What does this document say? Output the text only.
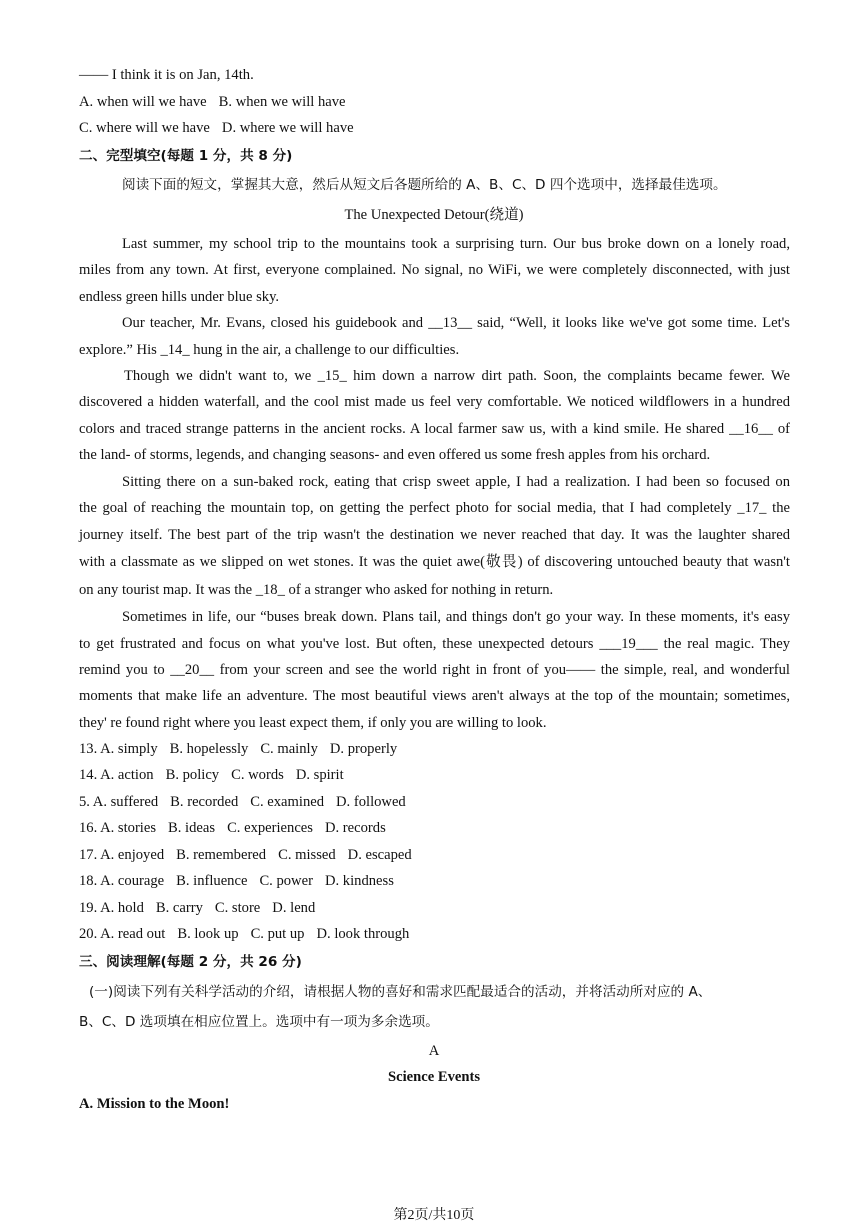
—— I think it is on Jan, 14th.
A. when will we have B. when we will have
C. where will we have D. where we will have
二、完型填空(每题 1 分，共 8 分)
阅读下面的短文，掌握其大意，然后从短文后各题所给的 A、B、C、D 四个选项中，选择最佳选项。
The Unexpected Detour(绕道)
Last summer, my school trip to the mountains took a surprising turn. Our bus broke down on a lonely road,
miles from any town. At first, everyone complained. No signal, no WiFi, we were completely disconnected, with just
endless green hills under blue sky.
Our teacher, Mr. Evans, closed his guidebook and __13__ said, “Well, it looks like we've got some time. Let's
explore.” His _14_ hung in the air, a challenge to our difficulties.
Though we didn't want to, we _15_ him down a narrow dirt path. Soon, the complaints became fewer. We
discovered a hidden waterfall, and the cool mist made us feel very comfortable. We noticed wildflowers in a hundred
colors and traced strange patterns in the ancient rocks. A local farmer saw us, with a kind smile. He shared __16__ of
the land- of storms, legends, and changing seasons- and even offered us some fresh apples from his orchard.
Sitting there on a sun-baked rock, eating that crisp sweet apple, I had a realization. I had been so focused on
the goal of reaching the mountain top, on getting the perfect photo for social media, that I had completely _17_ the
journey itself. The best part of the trip wasn't the destination we never reached that day. It was the laughter shared
with a classmate as we slipped on wet stones. It was the quiet awe(敬畏) of discovering untouched beauty that wasn't
on any tourist map. It was the _18_ of a stranger who asked for nothing in return.
Sometimes in life, our “buses break down. Plans tail, and things don't go your way. In these moments, it's easy
to get frustrated and focus on what you've lost. But often, these unexpected detours ___19___ the real magic. They
remind you to __20__ from your screen and see the world right in front of you—— the simple, real, and wonderful
moments that make life an adventure. The most beautiful views aren't always at the top of the mountain; sometimes,
they' re found right where you least expect them, if only you are willing to look.
13. A. simply B. hopelessly C. mainly D. properly
14. A. action B. policy C. words D. spirit
5. A. suffered B. recorded C. examined D. followed
16. A. stories B. ideas C. experiences D. records
17. A. enjoyed B. remembered C. missed D. escaped
18. A. courage B. influence C. power D. kindness
19. A. hold B. carry C. store D. lend
20. A. read out B. look up C. put up D. look through
三、阅读理解(每题 2 分，共 26 分)
(一)阅读下列有关科学活动的介绍，请根据人物的喜好和需求匹配最适合的活动，并将活动所对应的 A、
B、C、D 选项填在相应位置上。选项中有一项为多余选项。
A
Science Events
A. Mission to the Moon!
第2页/共10页
